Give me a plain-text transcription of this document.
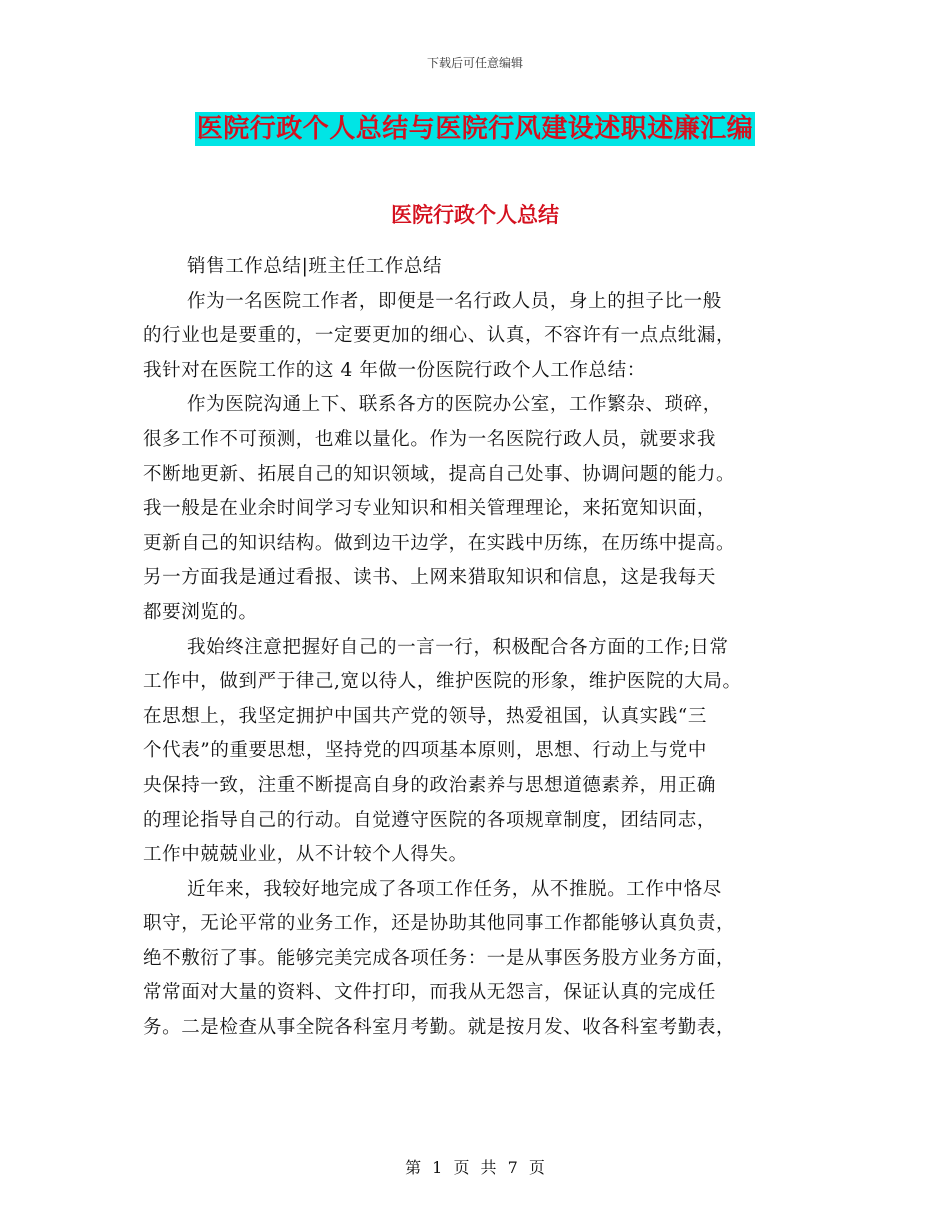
下载后可任意编辑
医院行政个人总结与医院行风建设述职述廉汇编
医院行政个人总结
销售工作总结|班主任工作总结
作为一名医院工作者，即便是一名行政人员，身上的担子比一般
的行业也是要重的，一定要更加的细心、认真，不容许有一点点纰漏，
我针对在医院工作的这 4 年做一份医院行政个人工作总结：
作为医院沟通上下、联系各方的医院办公室，工作繁杂、琐碎，
很多工作不可预测，也难以量化。作为一名医院行政人员，就要求我
不断地更新、拓展自己的知识领域，提高自己处事、协调问题的能力。
我一般是在业余时间学习专业知识和相关管理理论，来拓宽知识面，
更新自己的知识结构。做到边干边学，在实践中历练，在历练中提高。
另一方面我是通过看报、读书、上网来猎取知识和信息，这是我每天
都要浏览的。
我始终注意把握好自己的一言一行，积极配合各方面的工作;日常
工作中，做到严于律己,宽以待人，维护医院的形象，维护医院的大局。
在思想上，我坚定拥护中国共产党的领导，热爱祖国，认真实践“三
个代表”的重要思想，坚持党的四项基本原则，思想、行动上与党中
央保持一致，注重不断提高自身的政治素养与思想道德素养，用正确
的理论指导自己的行动。自觉遵守医院的各项规章制度，团结同志，
工作中兢兢业业，从不计较个人得失。
近年来，我较好地完成了各项工作任务，从不推脱。工作中恪尽
职守，无论平常的业务工作，还是协助其他同事工作都能够认真负责，
绝不敷衍了事。能够完美完成各项任务：一是从事医务股方业务方面，
常常面对大量的资料、文件打印，而我从无怨言，保证认真的完成任
务。二是检查从事全院各科室月考勤。就是按月发、收各科室考勤表，
第 1 页 共 7 页
